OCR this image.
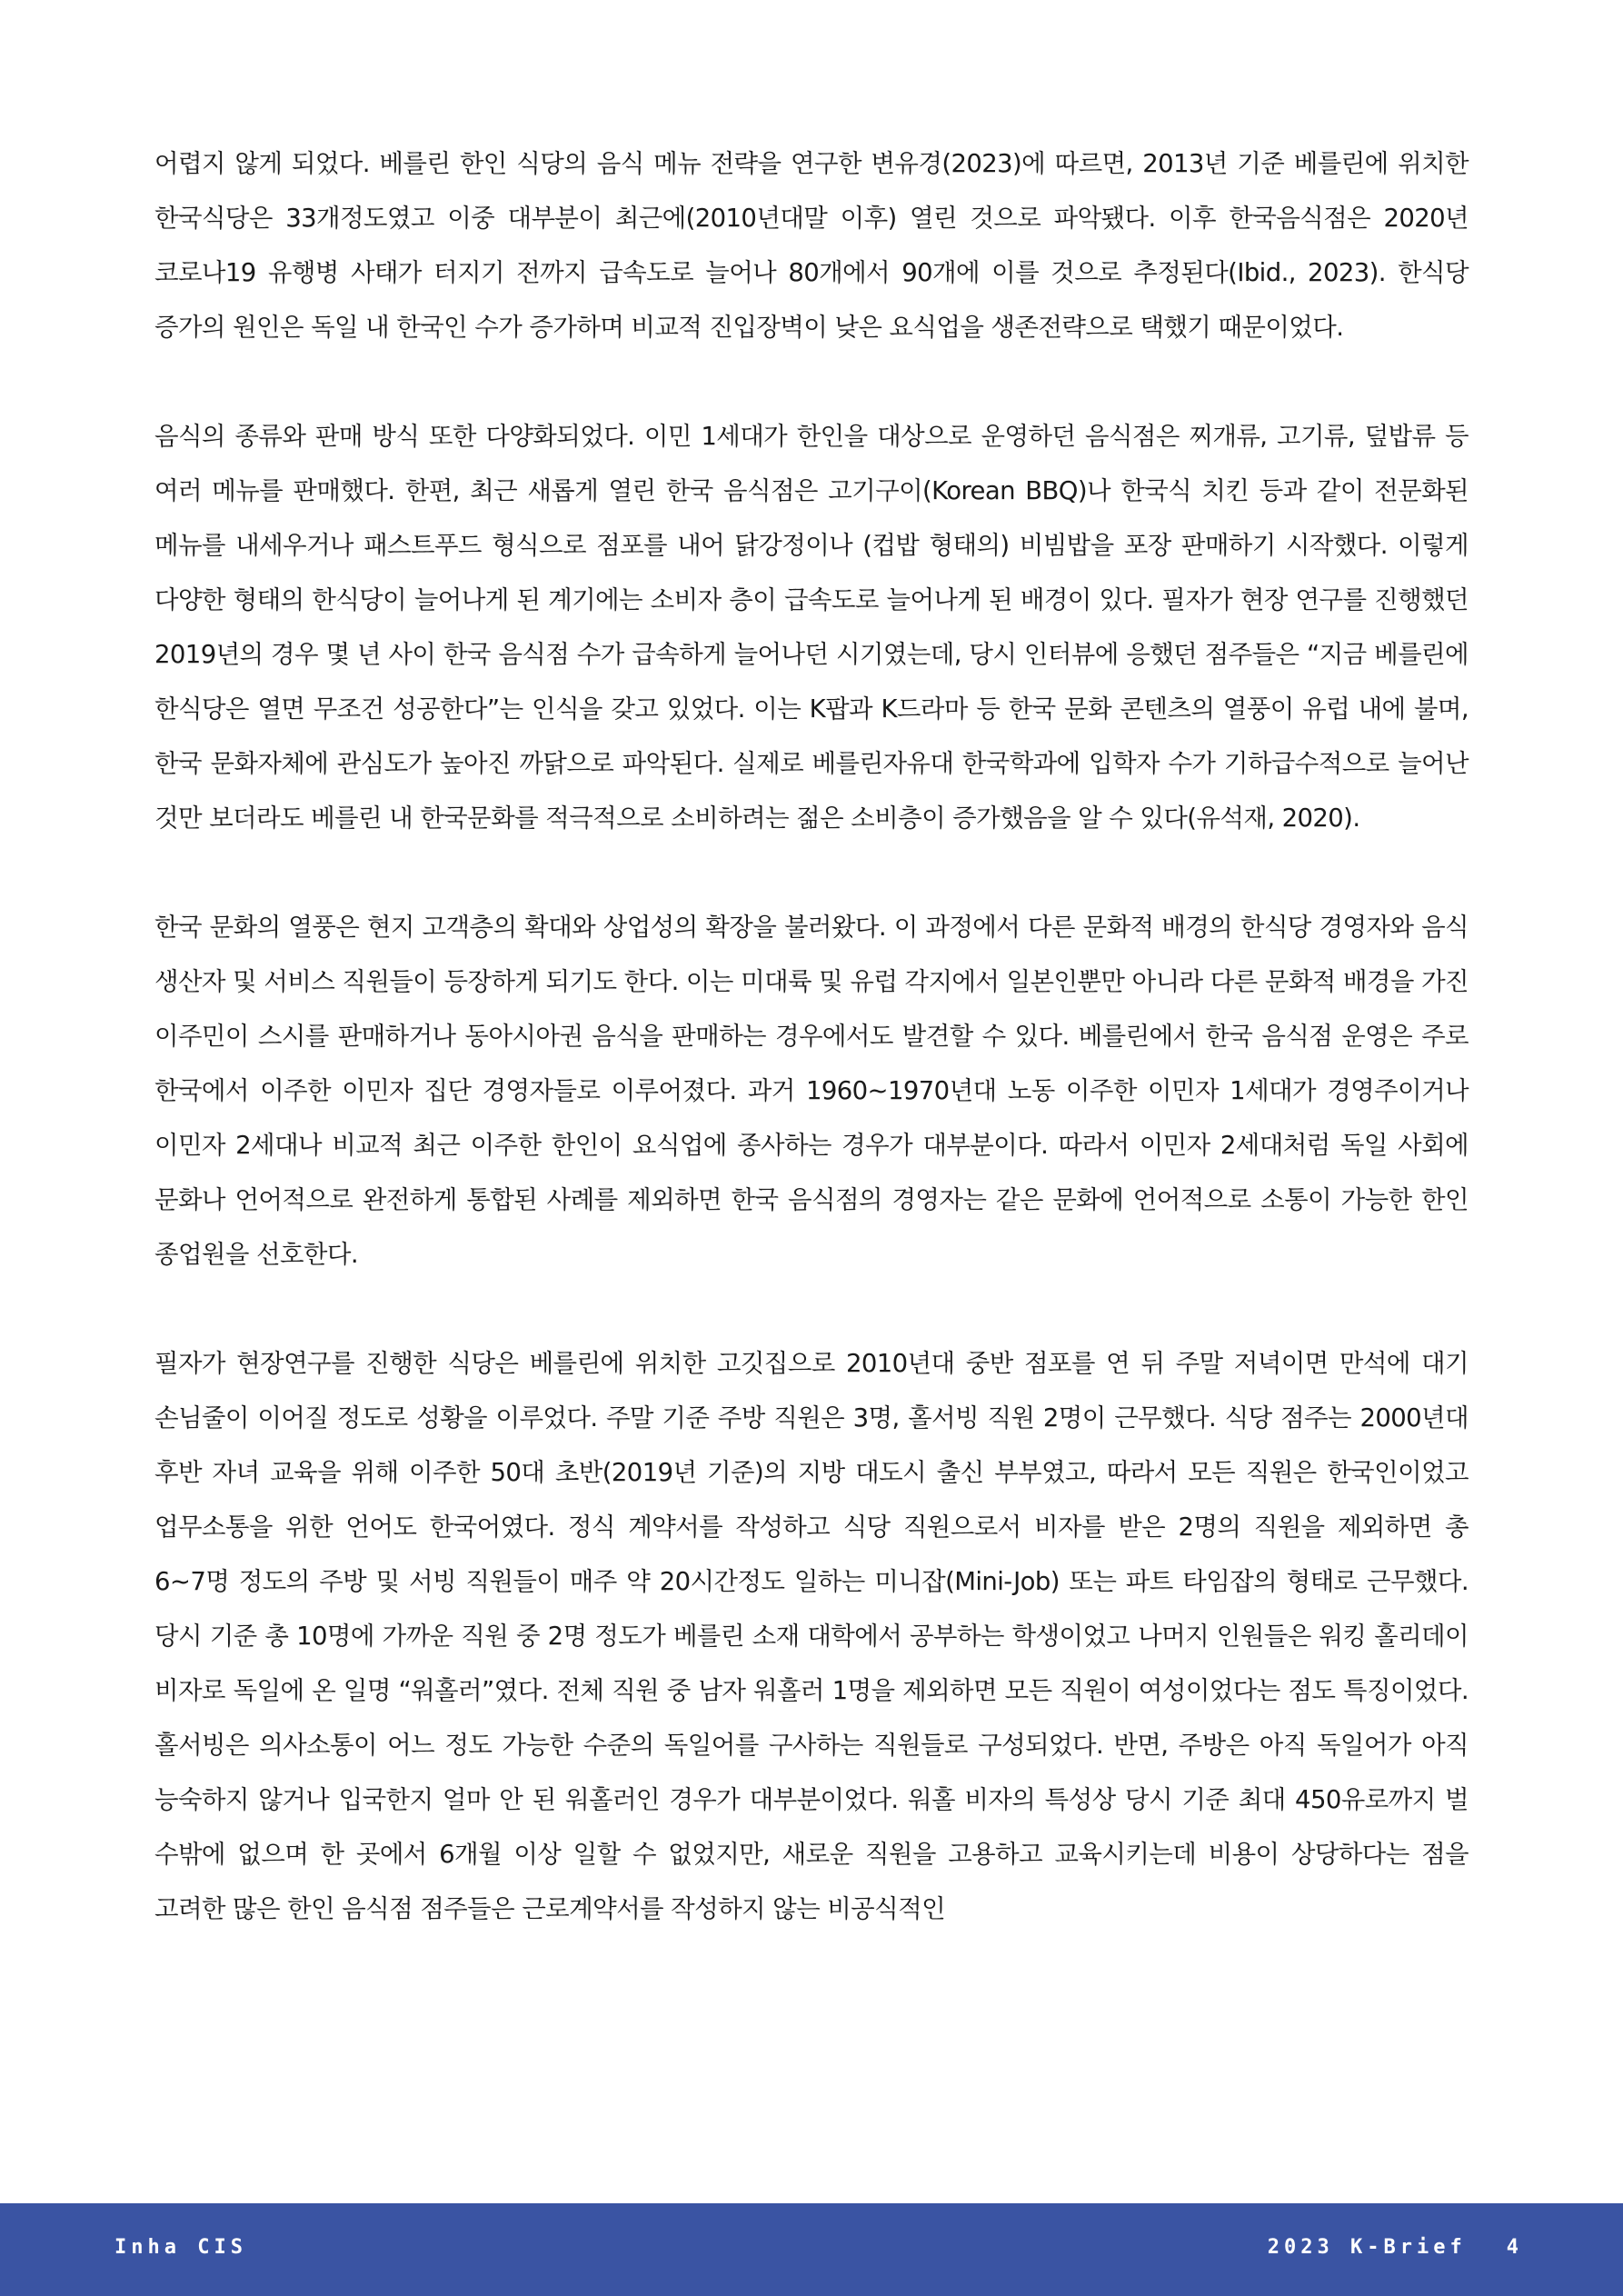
어렵지 않게 되었다. 베를린 한인 식당의 음식 메뉴 전략을 연구한 변유경(2023)에 따르면, 2013년 기준 베를린에 위치한 한국식당은 33개정도였고 이중 대부분이 최근에(2010년대말 이후) 열린 것으로 파악됐다. 이후 한국음식점은 2020년 코로나19 유행병 사태가 터지기 전까지 급속도로 늘어나 80개에서 90개에 이를 것으로 추정된다(Ibid., 2023). 한식당 증가의 원인은 독일 내 한국인 수가 증가하며 비교적 진입장벽이 낮은 요식업을 생존전략으로 택했기 때문이었다.

음식의 종류와 판매 방식 또한 다양화되었다. 이민 1세대가 한인을 대상으로 운영하던 음식점은 찌개류, 고기류, 덮밥류 등 여러 메뉴를 판매했다. 한편, 최근 새롭게 열린 한국 음식점은 고기구이(Korean BBQ)나 한국식 치킨 등과 같이 전문화된 메뉴를 내세우거나 패스트푸드 형식으로 점포를 내어 닭강정이나 (컵밥 형태의) 비빔밥을 포장 판매하기 시작했다. 이렇게 다양한 형태의 한식당이 늘어나게 된 계기에는 소비자 층이 급속도로 늘어나게 된 배경이 있다. 필자가 현장 연구를 진행했던 2019년의 경우 몇 년 사이 한국 음식점 수가 급속하게 늘어나던 시기였는데, 당시 인터뷰에 응했던 점주들은 “지금 베를린에 한식당은 열면 무조건 성공한다”는 인식을 갖고 있었다. 이는 K팝과 K드라마 등 한국 문화 콘텐츠의 열풍이 유럽 내에 불며, 한국 문화자체에 관심도가 높아진 까닭으로 파악된다. 실제로 베를린자유대 한국학과에 입학자 수가 기하급수적으로 늘어난 것만 보더라도 베를린 내 한국문화를 적극적으로 소비하려는 젊은 소비층이 증가했음을 알 수 있다(유석재, 2020).

한국 문화의 열풍은 현지 고객층의 확대와 상업성의 확장을 불러왔다. 이 과정에서 다른 문화적 배경의 한식당 경영자와 음식 생산자 및 서비스 직원들이 등장하게 되기도 한다. 이는 미대륙 및 유럽 각지에서 일본인뿐만 아니라 다른 문화적 배경을 가진 이주민이 스시를 판매하거나 동아시아권 음식을 판매하는 경우에서도 발견할 수 있다. 베를린에서 한국 음식점 운영은 주로 한국에서 이주한 이민자 집단 경영자들로 이루어졌다. 과거 1960~1970년대 노동 이주한 이민자 1세대가 경영주이거나 이민자 2세대나 비교적 최근 이주한 한인이 요식업에 종사하는 경우가 대부분이다. 따라서 이민자 2세대처럼 독일 사회에 문화나 언어적으로 완전하게 통합된 사례를 제외하면 한국 음식점의 경영자는 같은 문화에 언어적으로 소통이 가능한 한인 종업원을 선호한다.

필자가 현장연구를 진행한 식당은 베를린에 위치한 고깃집으로 2010년대 중반 점포를 연 뒤 주말 저녁이면 만석에 대기 손님줄이 이어질 정도로 성황을 이루었다. 주말 기준 주방 직원은 3명, 홀서빙 직원 2명이 근무했다. 식당 점주는 2000년대 후반 자녀 교육을 위해 이주한 50대 초반(2019년 기준)의 지방 대도시 출신 부부였고, 따라서 모든 직원은 한국인이었고 업무소통을 위한 언어도 한국어였다. 정식 계약서를 작성하고 식당 직원으로서 비자를 받은 2명의 직원을 제외하면 총 6~7명 정도의 주방 및 서빙 직원들이 매주 약 20시간정도 일하는 미니잡(Mini-Job) 또는 파트 타임잡의 형태로 근무했다. 당시 기준 총 10명에 가까운 직원 중 2명 정도가 베를린 소재 대학에서 공부하는 학생이었고 나머지 인원들은 워킹 홀리데이 비자로 독일에 온 일명 “워홀러”였다. 전체 직원 중 남자 워홀러 1명을 제외하면 모든 직원이 여성이었다는 점도 특징이었다. 홀서빙은 의사소통이 어느 정도 가능한 수준의 독일어를 구사하는 직원들로 구성되었다. 반면, 주방은 아직 독일어가 아직 능숙하지 않거나 입국한지 얼마 안 된 워홀러인 경우가 대부분이었다. 워홀 비자의 특성상 당시 기준 최대 450유로까지 벌 수밖에 없으며 한 곳에서 6개월 이상 일할 수 없었지만, 새로운 직원을 고용하고 교육시키는데 비용이 상당하다는 점을 고려한 많은 한인 음식점 점주들은 근로계약서를 작성하지 않는 비공식적인

Inha CIS	2023 K-Brief 4
